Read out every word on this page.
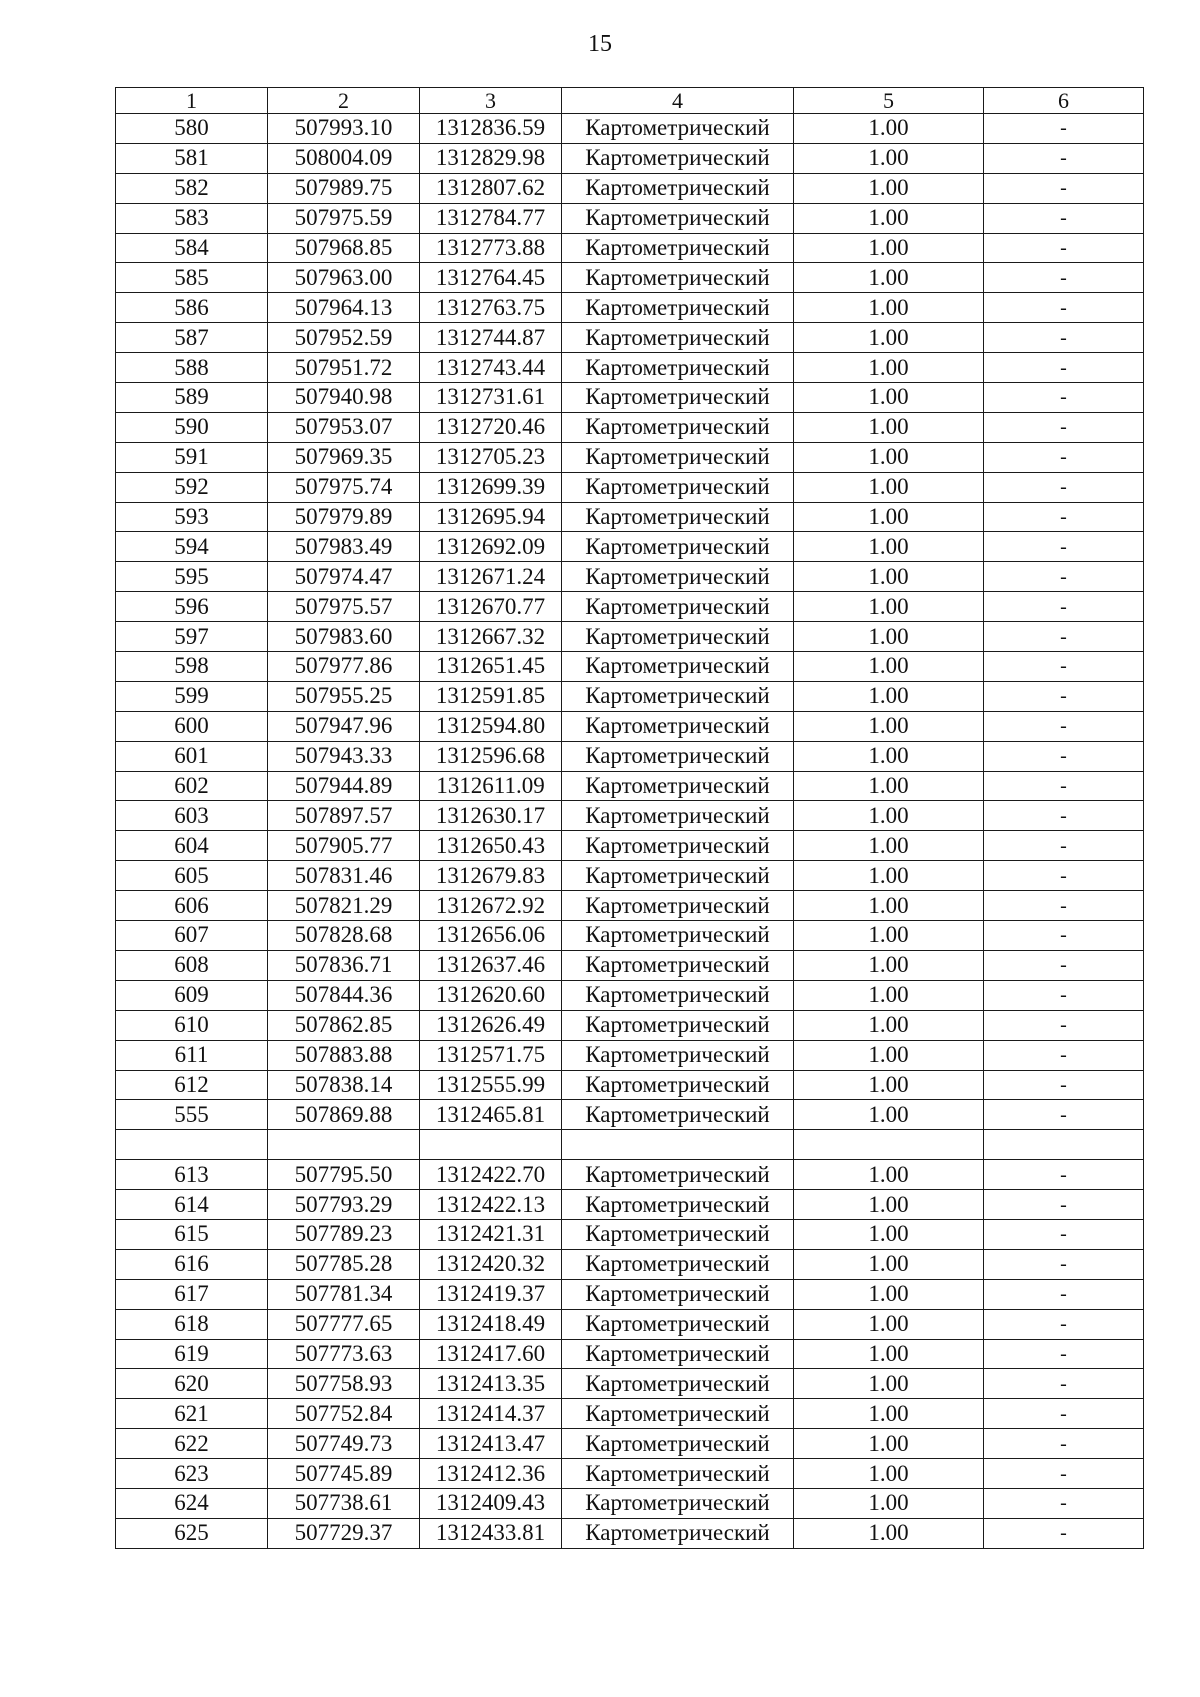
15
1	2	3	4	5	6
580	507993.10	1312836.59	Картометрический	1.00	-
581	508004.09	1312829.98	Картометрический	1.00	-
582	507989.75	1312807.62	Картометрический	1.00	-
583	507975.59	1312784.77	Картометрический	1.00	-
584	507968.85	1312773.88	Картометрический	1.00	-
585	507963.00	1312764.45	Картометрический	1.00	-
586	507964.13	1312763.75	Картометрический	1.00	-
587	507952.59	1312744.87	Картометрический	1.00	-
588	507951.72	1312743.44	Картометрический	1.00	-
589	507940.98	1312731.61	Картометрический	1.00	-
590	507953.07	1312720.46	Картометрический	1.00	-
591	507969.35	1312705.23	Картометрический	1.00	-
592	507975.74	1312699.39	Картометрический	1.00	-
593	507979.89	1312695.94	Картометрический	1.00	-
594	507983.49	1312692.09	Картометрический	1.00	-
595	507974.47	1312671.24	Картометрический	1.00	-
596	507975.57	1312670.77	Картометрический	1.00	-
597	507983.60	1312667.32	Картометрический	1.00	-
598	507977.86	1312651.45	Картометрический	1.00	-
599	507955.25	1312591.85	Картометрический	1.00	-
600	507947.96	1312594.80	Картометрический	1.00	-
601	507943.33	1312596.68	Картометрический	1.00	-
602	507944.89	1312611.09	Картометрический	1.00	-
603	507897.57	1312630.17	Картометрический	1.00	-
604	507905.77	1312650.43	Картометрический	1.00	-
605	507831.46	1312679.83	Картометрический	1.00	-
606	507821.29	1312672.92	Картометрический	1.00	-
607	507828.68	1312656.06	Картометрический	1.00	-
608	507836.71	1312637.46	Картометрический	1.00	-
609	507844.36	1312620.60	Картометрический	1.00	-
610	507862.85	1312626.49	Картометрический	1.00	-
611	507883.88	1312571.75	Картометрический	1.00	-
612	507838.14	1312555.99	Картометрический	1.00	-
555	507869.88	1312465.81	Картометрический	1.00	-

613	507795.50	1312422.70	Картометрический	1.00	-
614	507793.29	1312422.13	Картометрический	1.00	-
615	507789.23	1312421.31	Картометрический	1.00	-
616	507785.28	1312420.32	Картометрический	1.00	-
617	507781.34	1312419.37	Картометрический	1.00	-
618	507777.65	1312418.49	Картометрический	1.00	-
619	507773.63	1312417.60	Картометрический	1.00	-
620	507758.93	1312413.35	Картометрический	1.00	-
621	507752.84	1312414.37	Картометрический	1.00	-
622	507749.73	1312413.47	Картометрический	1.00	-
623	507745.89	1312412.36	Картометрический	1.00	-
624	507738.61	1312409.43	Картометрический	1.00	-
625	507729.37	1312433.81	Картометрический	1.00	-
